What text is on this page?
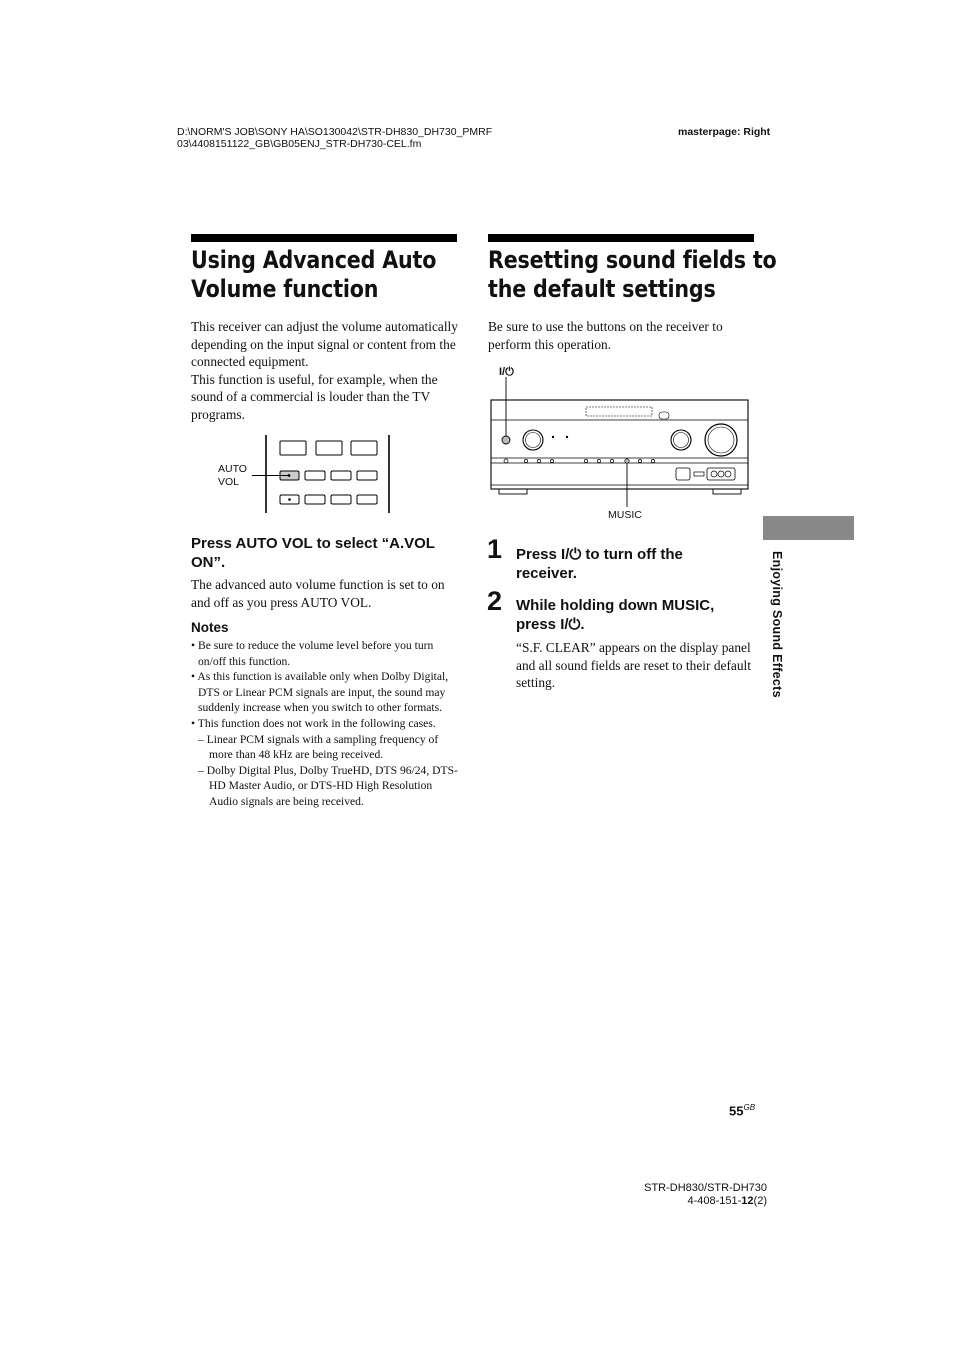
D:\NORM'S JOB\SONY HA\SO130042\STR-DH830_DH730_PMRF
03\4408151122_GB\GB05ENJ_STR-DH730-CEL.fm
masterpage: Right
Using Advanced Auto
Volume function
This receiver can adjust the volume automatically depending on the input signal or content from the connected equipment.
This function is useful, for example, when the sound of a commercial is louder than the TV programs.
AUTO
VOL
Press AUTO VOL to select “A.VOL ON”.
The advanced auto volume function is set to on and off as you press AUTO VOL.
Notes
• Be sure to reduce the volume level before you turn on/off this function.
• As this function is available only when Dolby Digital, DTS or Linear PCM signals are input, the sound may suddenly increase when you switch to other formats.
• This function does not work in the following cases.
– Linear PCM signals with a sampling frequency of more than 48 kHz are being received.
– Dolby Digital Plus, Dolby TrueHD, DTS 96/24, DTS-HD Master Audio, or DTS-HD High Resolution Audio signals are being received.
Resetting sound fields to
the default settings
Be sure to use the buttons on the receiver to perform this operation.
I/⏻
MUSIC
1 Press I/⏻ to turn off the receiver.
2 While holding down MUSIC, press I/⏻.
“S.F. CLEAR” appears on the display panel and all sound fields are reset to their default setting.	Enjoying Sound Effects
$55^{GB}$
STR-DH830/STR-DH730
4-408-151-12(2)
